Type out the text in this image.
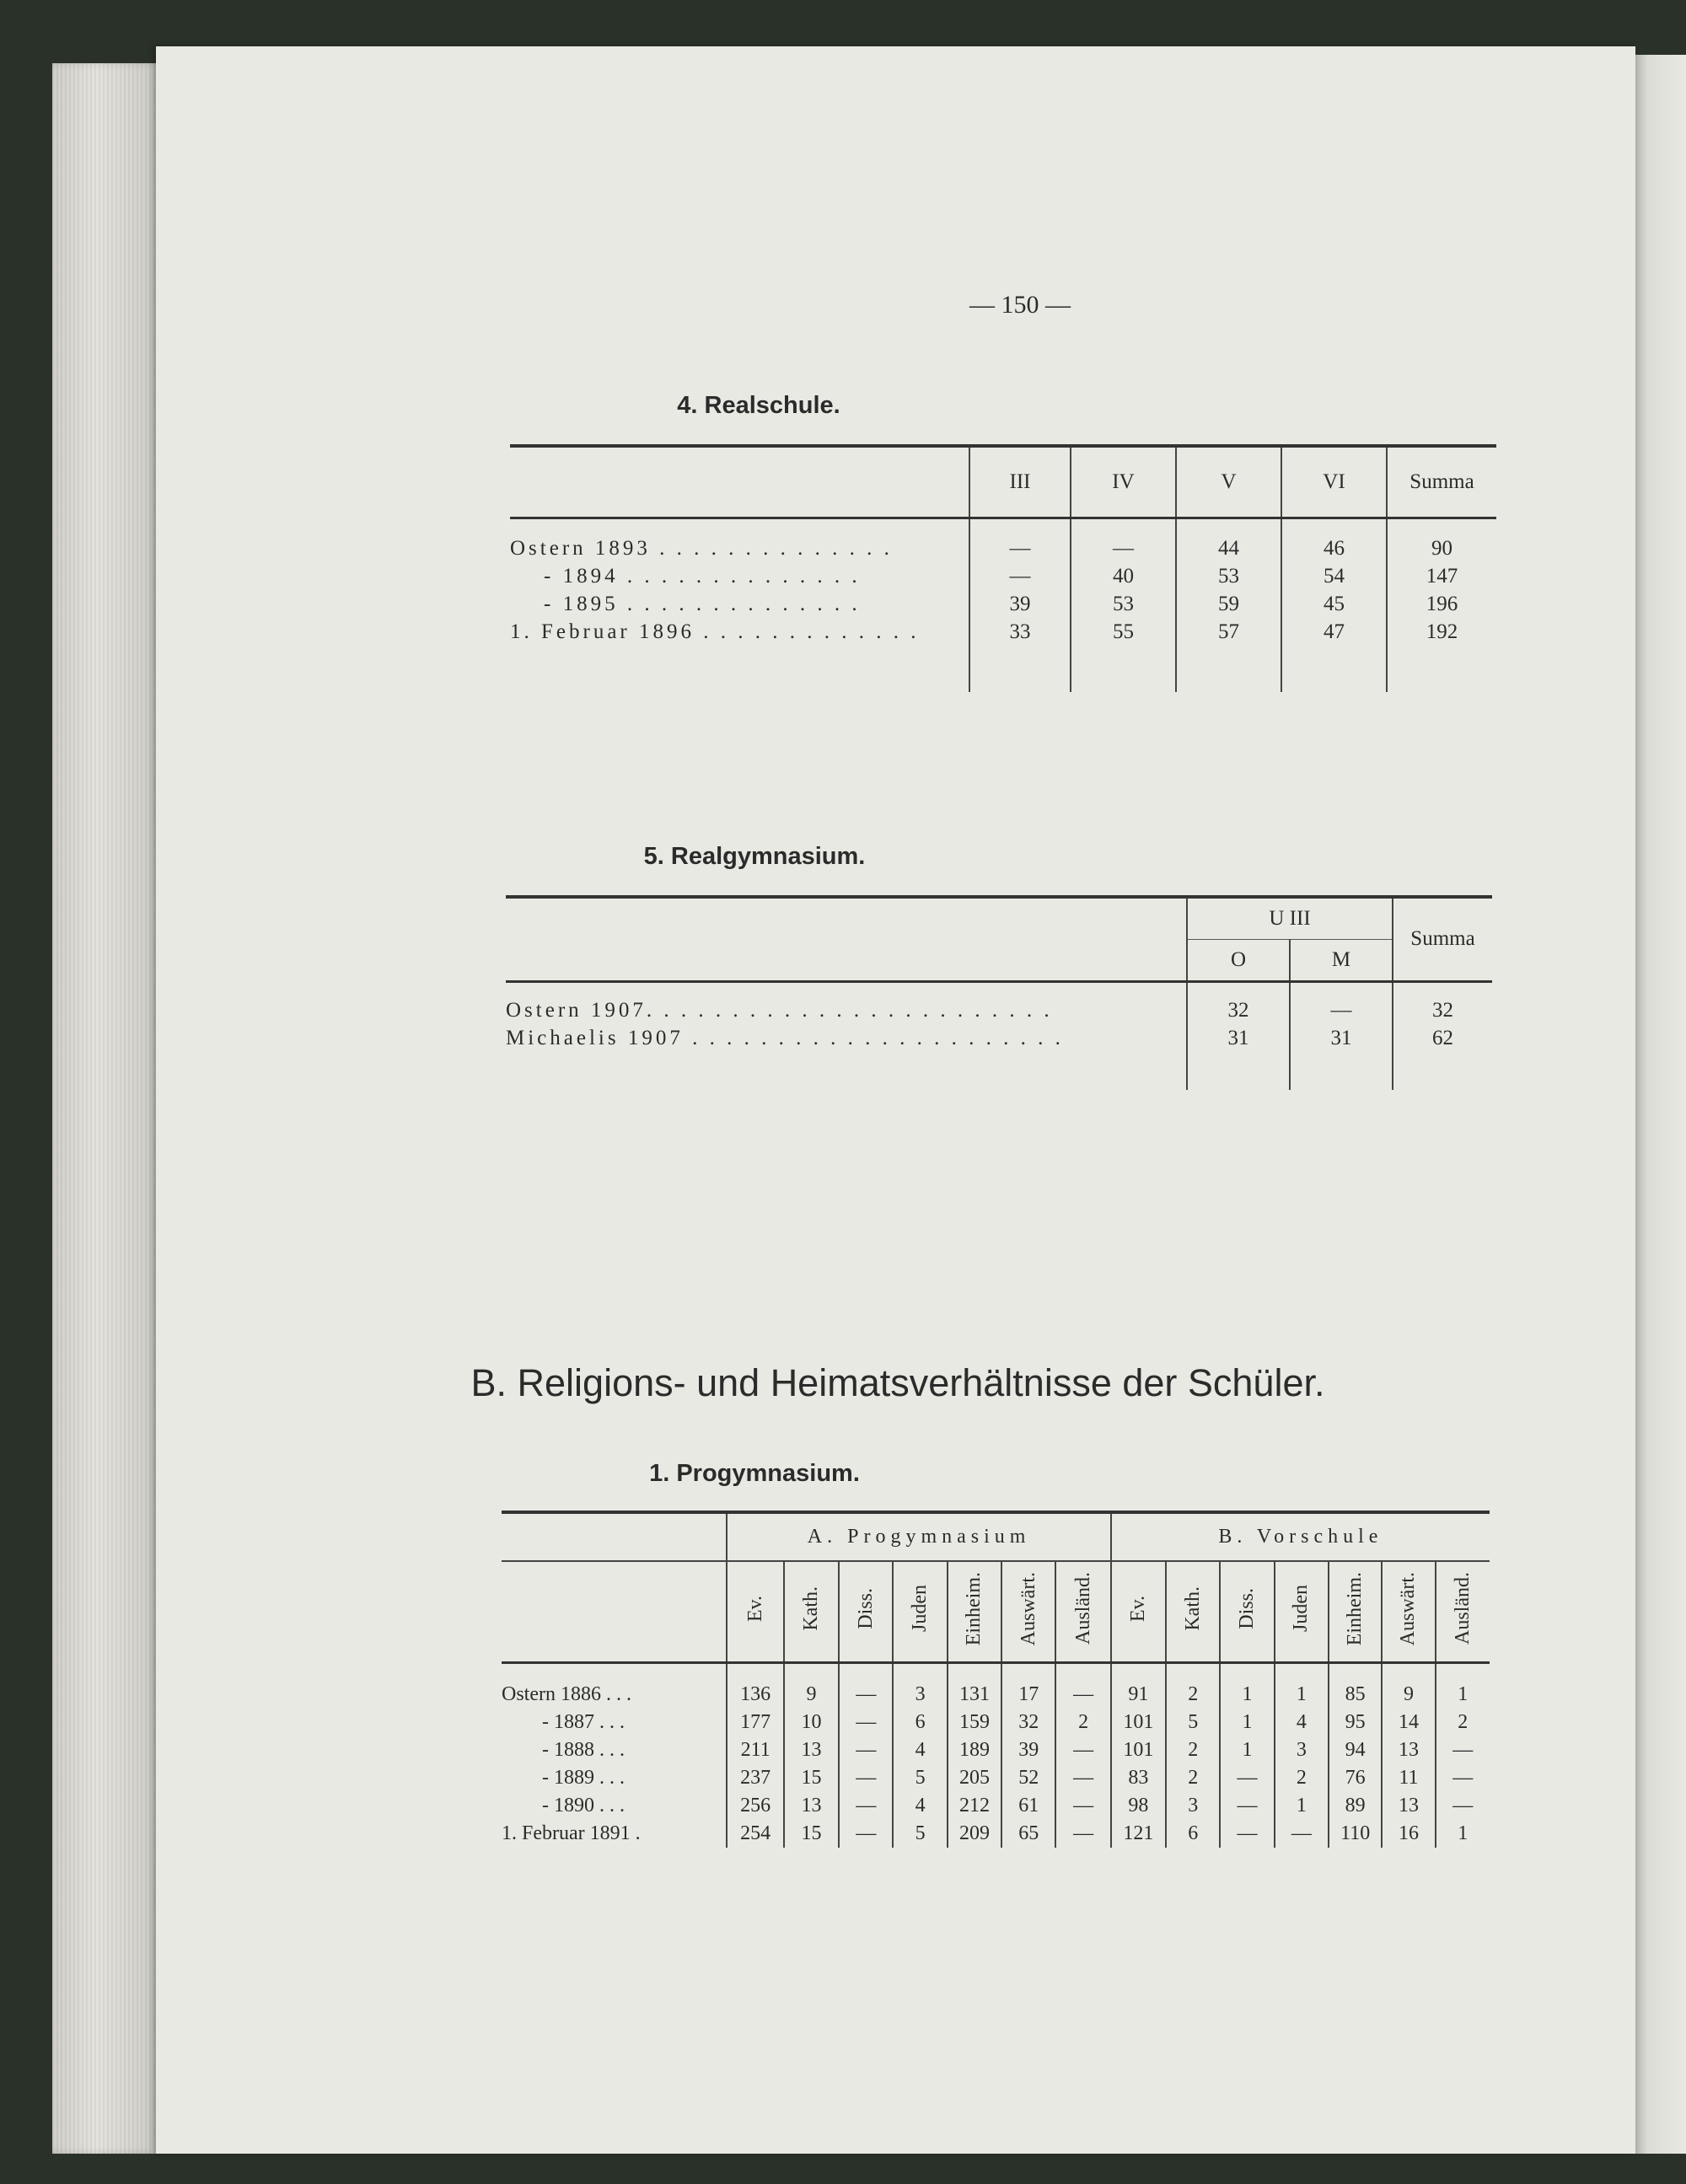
— 150 —
4. Realschule.
	III	IV	V	VI	Summa

Ostern 1893 . . . . . . . . . . . . . .	—	—	44	46	90
- 1894 . . . . . . . . . . . . . .	—	40	53	54	147
- 1895 . . . . . . . . . . . . . .	39	53	59	45	196
1. Februar 1896 . . . . . . . . . . . . .	33	55	57	47	192

5. Realgymnasium.
	U III		Summa
	O	M	

Ostern 1907. . . . . . . . . . . . . . . . . . . . . . . .	32	—	32
Michaelis 1907 . . . . . . . . . . . . . . . . . . . . . .	31	31	62

B. Religions- und Heimatsverhältnisse der Schüler.
1. Progymnasium.
	A. Progymnasium							B. Vorschule						
	Ev.	Kath.	Diss.	Juden	Einheim.	Auswärt.	Ausländ.	Ev.	Kath.	Diss.	Juden	Einheim.	Auswärt.	Ausländ.

Ostern 1886 . . .	136	9	—	3	131	17	—	91	2	1	1	85	9	1
- 1887 . . .	177	10	—	6	159	32	2	101	5	1	4	95	14	2
- 1888 . . .	211	13	—	4	189	39	—	101	2	1	3	94	13	—
- 1889 . . .	237	15	—	5	205	52	—	83	2	—	2	76	11	—
- 1890 . . .	256	13	—	4	212	61	—	98	3	—	1	89	13	—
1. Februar 1891 .	254	15	—	5	209	65	—	121	6	—	—	110	16	1
